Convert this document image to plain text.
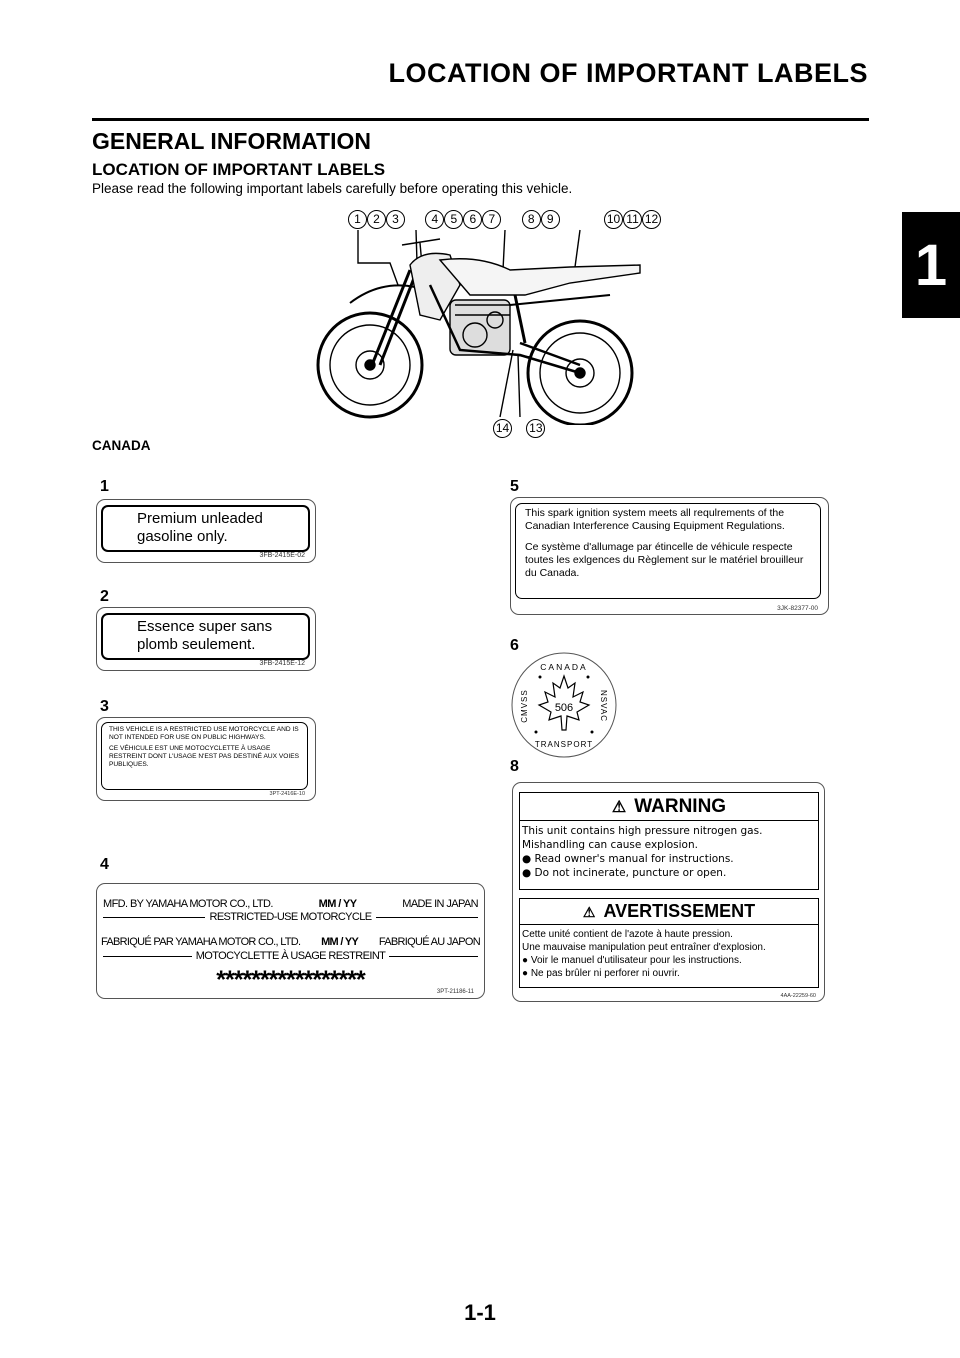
LOCATION OF IMPORTANT LABELS
1
GENERAL INFORMATION
LOCATION OF IMPORTANT LABELS
Please read the following important labels carefully before operating this vehicle.
1 2 3	4 5 6 7	8 9	10 11 12
14 13
CANADA
1
Premium unleaded
gasoline only.
3FB-2415E-02
2
Essence super sans
plomb seulement.
3FB-2415E-12
3
THIS VEHICLE IS A RESTRICTED USE MOTORCYCLE AND IS NOT INTENDED FOR USE ON PUBLIC HIGHWAYS.
CE VÉHICULE EST UNE MOTOCYCLETTE À USAGE RESTREINT DONT L'USAGE N'EST PAS DESTINÉ AUX VOIES PUBLIQUES.
3PT-2416E-10
4
MFD. BY YAMAHA MOTOR CO., LTD.	MM / YY	MADE IN JAPAN
RESTRICTED-USE MOTORCYCLE
FABRIQUÉ PAR YAMAHA MOTOR CO., LTD. MM / YY FABRIQUÉ AU JAPON
MOTOCYCLETTE À USAGE RESTREINT
*****************	3PT-21186-11
5
This spark ignition system meets all requlrements of the Canadian Interference Causing Equipment Regulations.
Ce système d'allumage par étincelle de véhicule respecte toutes les exlgences du Règlement sur le matériel brouilleur du Canada.
3JK-82377-00
6
CANADA
CMVSS	NSVAC
TRANSPORT
506
8
⚠ WARNING
This unit contains high pressure nitrogen gas.
Mishandling can cause explosion.
● Read owner's manual for instructions.
● Do not incinerate, puncture or open.
⚠ AVERTISSEMENT
Cette unité contient de l'azote à haute pression.
Une mauvaise manipulation peut entraîner d'explosion.
● Voir le manuel d'utilisateur pour les instructions.
● Ne pas brûler ni perforer ni ouvrir.
4AA-22259-60
1-1
